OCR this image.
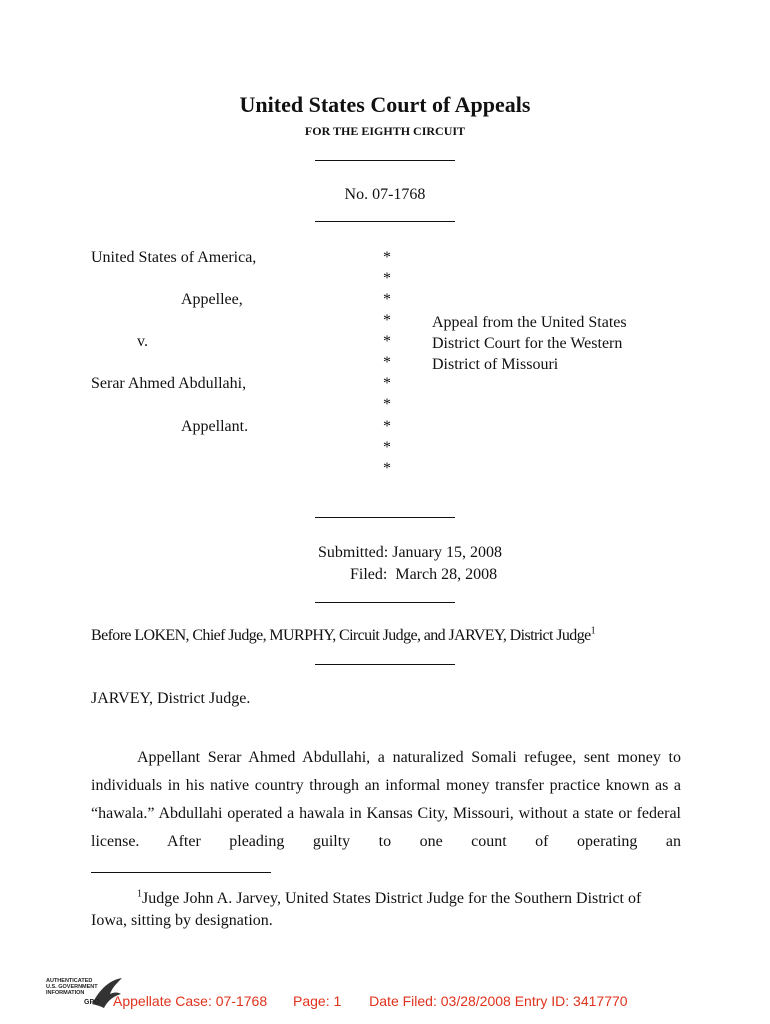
United States Court of Appeals
FOR THE EIGHTH CIRCUIT
No. 07-1768
United States of America,
Appellee,
v.
Serar Ahmed Abdullahi,
Appellant.
*
*
*
*
*
*
*
*
*
*
*
Appeal from the United States
District Court for the Western
District of Missouri
Submitted: January 15, 2008
Filed:  March 28, 2008
Before LOKEN, Chief Judge, MURPHY, Circuit Judge, and JARVEY, District Judge$^1$
JARVEY, District Judge.

Appellant Serar Ahmed Abdullahi, a naturalized Somali refugee, sent money to individuals in his native country through an informal money transfer practice known as a “hawala.” Abdullahi operated a hawala in Kansas City, Missouri, without a state or federal license. After pleading guilty to one count of operating an

$^1$Judge John A. Jarvey, United States District Judge for the Southern District of Iowa, sitting by designation.

AUTHENTICATED
U.S. GOVERNMENT
INFORMATION
GPO Appellate Case: 07-1768 Page: 1 Date Filed: 03/28/2008 Entry ID: 3417770
